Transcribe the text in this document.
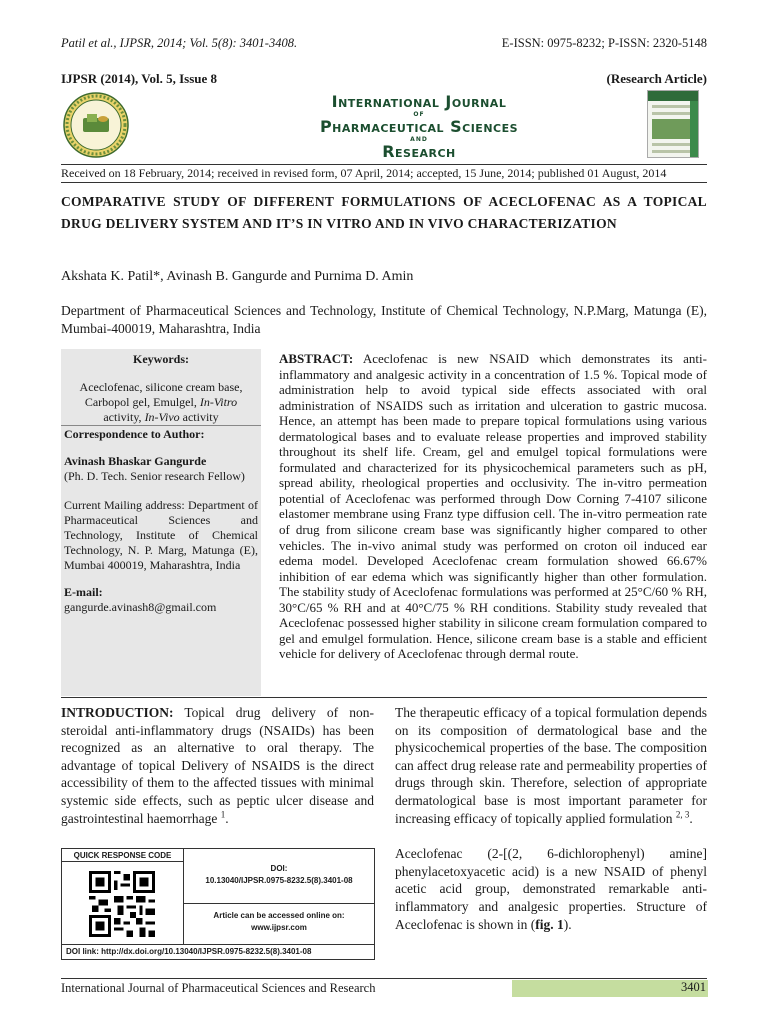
Patil et al., IJPSR, 2014; Vol. 5(8): 3401-3408.	E-ISSN: 0975-8232; P-ISSN: 2320-5148
IJPSR (2014), Vol. 5, Issue 8	(Research Article)
International Journal
of
Pharmaceutical Sciences
and
Research
Received on 18 February, 2014; received in revised form, 07 April, 2014; accepted, 15 June, 2014; published 01 August, 2014
COMPARATIVE STUDY OF DIFFERENT FORMULATIONS OF ACECLOFENAC AS A TOPICAL DRUG DELIVERY SYSTEM AND IT’S IN VITRO AND IN VIVO CHARACTERIZATION
Akshata K. Patil*, Avinash B. Gangurde and Purnima D. Amin
Department of Pharmaceutical Sciences and Technology, Institute of Chemical Technology, N.P.Marg, Matunga (E), Mumbai-400019, Maharashtra, India
Keywords:
Aceclofenac, silicone cream base, Carbopol gel, Emulgel, In-Vitro activity, In-Vivo activity
Correspondence to Author:
Avinash Bhaskar Gangurde
(Ph. D. Tech. Senior research Fellow)
Current Mailing address: Department of Pharmaceutical Sciences and Technology, Institute of Chemical Technology, N. P. Marg, Matunga (E), Mumbai 400019, Maharashtra, India
E-mail:
gangurde.avinash8@gmail.com
ABSTRACT: Aceclofenac is new NSAID which demonstrates its anti-inflammatory and analgesic activity in a concentration of 1.5 %. Topical mode of administration help to avoid typical side effects associated with oral administration of NSAIDS such as irritation and ulceration to gastric mucosa. Hence, an attempt has been made to prepare topical formulations using various dermatological bases and to evaluate release properties and improved stability throughout its shelf life. Cream, gel and emulgel topical formulations were formulated and characterized for its physicochemical parameters such as pH, spread ability, rheological properties and occlusivity. The in-vitro permeation potential of Aceclofenac was performed through Dow Corning 7-4107 silicone elastomer membrane using Franz type diffusion cell. The in-vitro permeation rate of drug from silicone cream base was significantly higher compared to other vehicles. The in-vivo animal study was performed on croton oil induced ear edema model. Developed Aceclofenac cream formulation showed 66.67% inhibition of ear edema which was significantly higher than other formulation. The stability study of Aceclofenac formulations was performed at 25°C/60 % RH, 30°C/65 % RH and at 40°C/75 % RH conditions. Stability study revealed that Aceclofenac possessed higher stability in silicone cream formulation compared to gel and emulgel formulation. Hence, silicone cream base is a stable and efficient vehicle for delivery of Aceclofenac through dermal route.
INTRODUCTION: Topical drug delivery of non-steroidal anti-inflammatory drugs (NSAIDs) has been recognized as an alternative to oral therapy. The advantage of topical Delivery of NSAIDS is the direct accessibility of them to the affected tissues with minimal systemic side effects, such as peptic ulcer disease and gastrointestinal haemorrhage $^1$.

The therapeutic efficacy of a topical formulation depends on its composition of dermatological base and the physicochemical properties of the base. The composition can affect drug release rate and permeability properties of drugs through skin. Therefore, selection of appropriate dermatological base is most important parameter for increasing efficacy of topically applied formulation $^{2, 3}$.

Aceclofenac (2-[(2, 6-dichlorophenyl) amine] phenylacetoxyacetic acid) is a new NSAID of phenyl acetic acid group, demonstrated remarkable anti-inflammatory and analgesic properties. Structure of Aceclofenac is shown in (fig. 1).

QUICK RESPONSE CODE
DOI:
10.13040/IJPSR.0975-8232.5(8).3401-08
Article can be accessed online on:
www.ijpsr.com
DOI link: http://dx.doi.org/10.13040/IJPSR.0975-8232.5(8).3401-08
International Journal of Pharmaceutical Sciences and Research	3401
